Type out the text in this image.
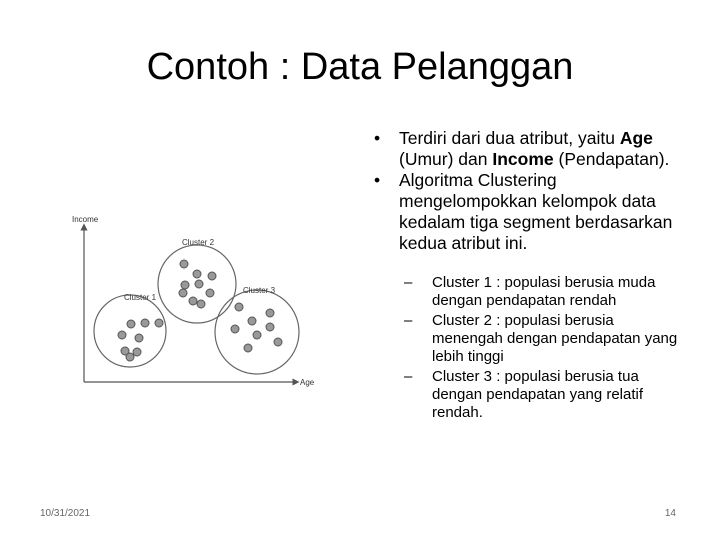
Contoh : Data Pelanggan
Income
Age
Cluster 1
Cluster 2
Cluster 3
• Terdiri dari dua atribut, yaitu Age (Umur) dan Income (Pendapatan).
• Algoritma Clustering mengelompokkan kelompok data kedalam tiga segment berdasarkan kedua atribut ini.
– Cluster 1 : populasi berusia muda dengan pendapatan rendah
– Cluster 2 : populasi berusia menengah dengan pendapatan yang lebih tinggi
– Cluster 3 : populasi berusia tua dengan pendapatan yang relatif rendah.
10/31/2021	14
